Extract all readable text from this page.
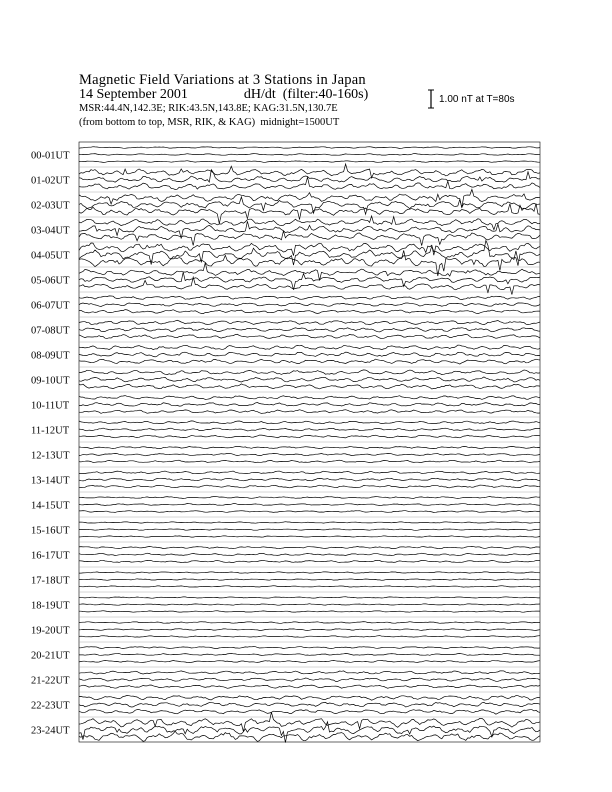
Magnetic Field Variations at 3 Stations in Japan
14 September 2001	dH/dt (filter:40-160s)
MSR:44.4N,142.3E; RIK:43.5N,143.8E; KAG:31.5N,130.7E
(from bottom to top, MSR, RIK, & KAG) midnight=1500UT
1.00 nT at T=80s
00-01UT
01-02UT
02-03UT
03-04UT
04-05UT
05-06UT
06-07UT
07-08UT
08-09UT
09-10UT
10-11UT
11-12UT
12-13UT
13-14UT
14-15UT
15-16UT
16-17UT
17-18UT
18-19UT
19-20UT
20-21UT
21-22UT
22-23UT
23-24UT
